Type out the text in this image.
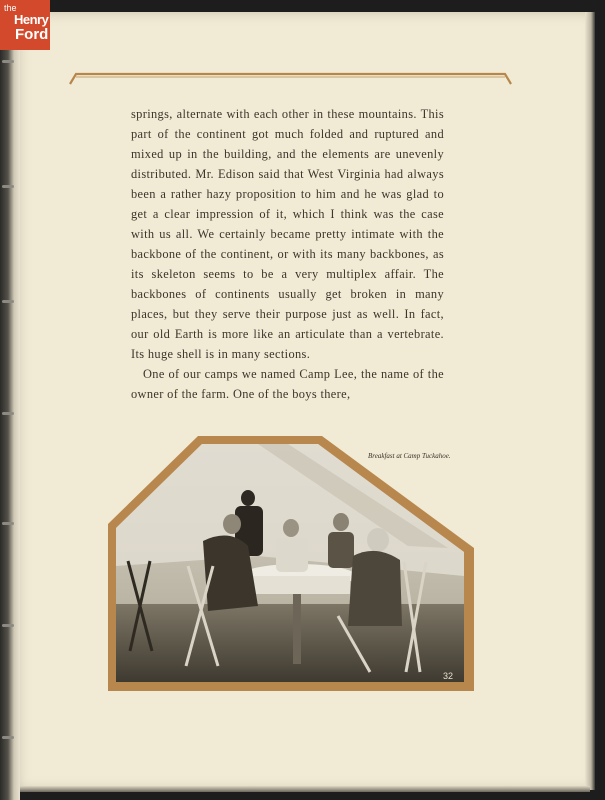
the
Henry
Ford

springs, alternate with each other in these mountains. This part of the continent got much folded and ruptured and mixed up in the building, and the elements are unevenly distributed. Mr. Edison said that West Virginia had always been a rather hazy proposition to him and he was glad to get a clear impression of it, which I think was the case with us all. We certainly became pretty intimate with the backbone of the continent, or with its many backbones, as its skeleton seems to be a very multiplex affair. The backbones of continents usually get broken in many places, but they serve their purpose just as well. In fact, our old Earth is more like an articulate than a vertebrate. Its huge shell is in many sections.

One of our camps we named Camp Lee, the name of the owner of the farm. One of the boys there,

Breakfast at Camp Tuckahoe.
32
